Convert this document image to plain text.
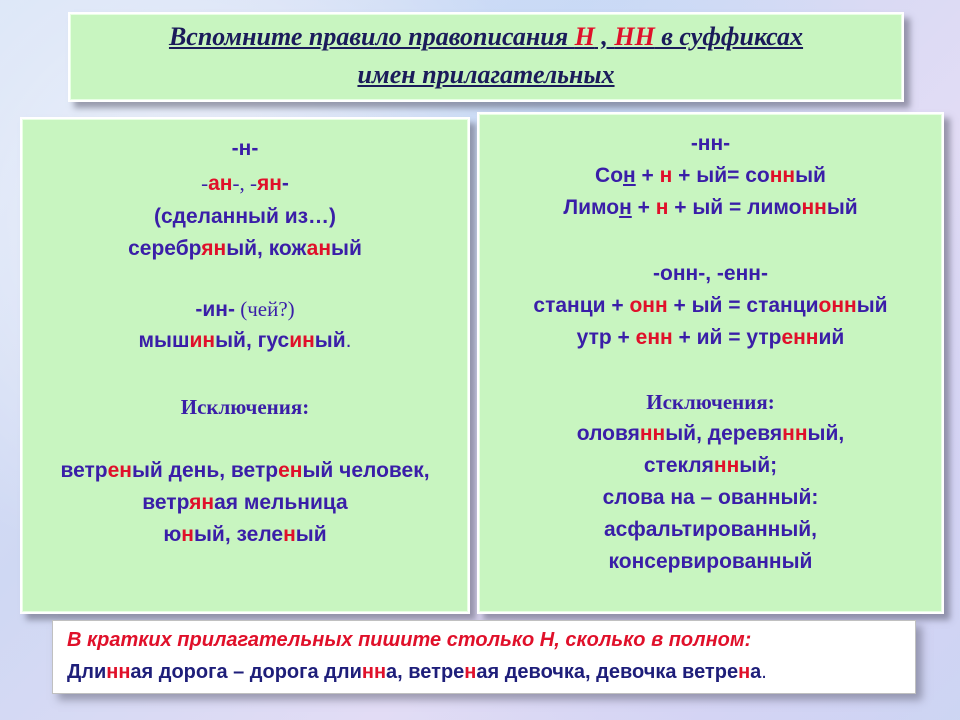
Вспомните правило правописания Н , НН в суффиксах
имен прилагательных
-н-
-ан-, -ян-
(сделанный из…)
серебряный, кожаный
-ин- (чей?)
мышиный, гусиный.
Исключения:
ветреный день, ветреный человек,
ветряная мельница
юный, зеленый
-нн-
Сон + н + ый= сонный
Лимон + н + ый = лимонный
-онн-, -енн-
станци + онн + ый = станционный
утр + енн + ий = утренний
Исключения:
оловянный, деревянный,
стеклянный;
слова на – ованный:
асфальтированный,
консервированный
В кратких прилагательных пишите столько Н, сколько в полном:
Длинная дорога – дорога длинна, ветреная девочка, девочка ветрена.
